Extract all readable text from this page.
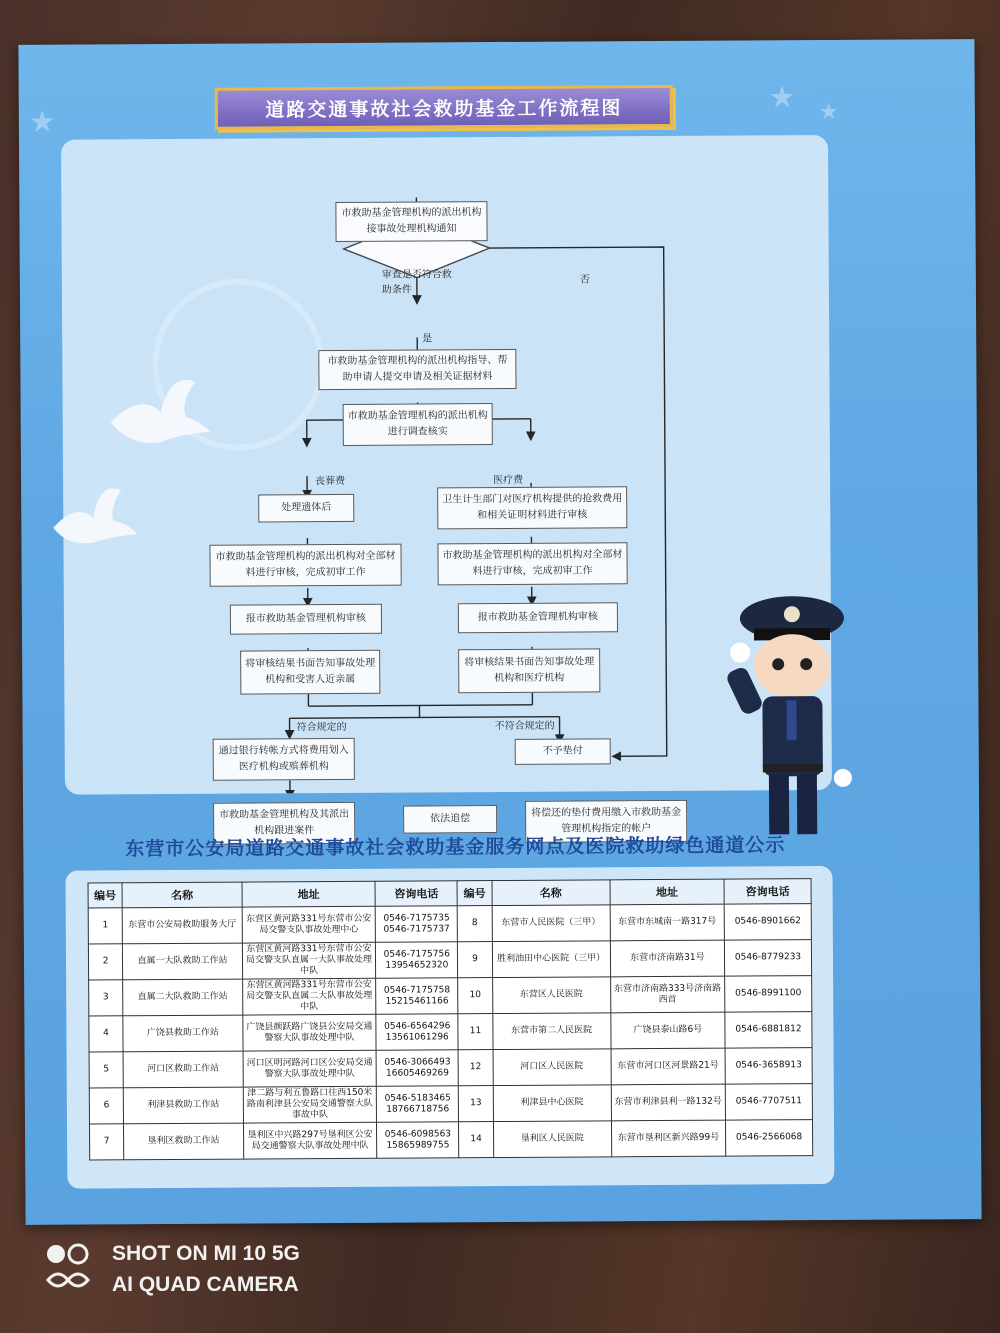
★
★ ★
道路交通事故社会救助基金工作流程图
市救助基金管理机构的派出机构接事故处理机构通知
审查是否符合救助条件
否
是
市救助基金管理机构的派出机构指导、帮助申请人提交申请及相关证据材料
市救助基金管理机构的派出机构进行调查核实
丧葬费	医疗费
处理遗体后
卫生计生部门对医疗机构提供的抢救费用和相关证明材料进行审核
市救助基金管理机构的派出机构对全部材料进行审核，完成初审工作
市救助基金管理机构的派出机构对全部材料进行审核，完成初审工作
报市救助基金管理机构审核	报市救助基金管理机构审核
将审核结果书面告知事故处理机构和受害人近亲属
将审核结果书面告知事故处理机构和医疗机构
符合规定的	不符合规定的
通过银行转帐方式将费用划入医疗机构或殡葬机构
不予垫付
市救助基金管理机构及其派出机构跟进案件
依法追偿	将偿还的垫付费用缴入市救助基金管理机构指定的帐户
东营市公安局道路交通事故社会救助基金服务网点及医院救助绿色通道公示
编号	名称	地址	咨询电话	编号	名称	地址	咨询电话
1	东营市公安局救助服务大厅	东营区黄河路331号东营市公安局交警支队事故处理中心	0546-7175735 0546-7175737	8	东营市人民医院（三甲）	东营市东城南一路317号	0546-8901662
2	直属一大队救助工作站	东营区黄河路331号东营市公安局交警支队直属一大队事故处理中队	0546-7175756 13954652320	9	胜利油田中心医院（三甲）	东营市济南路31号	0546-8779233
3	直属二大队救助工作站	东营区黄河路331号东营市公安局交警支队直属二大队事故处理中队	0546-7175758 15215461166	10	东营区人民医院	东营市济南路333号济南路西首	0546-8991100
4	广饶县救助工作站	广饶县颜跃路广饶县公安局交通警察大队事故处理中队	0546-6564296 13561061296	11	东营市第二人民医院	广饶县泰山路6号	0546-6881812
5	河口区救助工作站	河口区明河路河口区公安局交通警察大队事故处理中队	0546-3066493 16605469269	12	河口区人民医院	东营市河口区河景路21号	0546-3658913
6	利津县救助工作站	津二路与利五鲁路口往西150米路南利津县公安局交通警察大队事故中队	0546-5183465 18766718756	13	利津县中心医院	东营市利津县利一路132号	0546-7707511
7	垦利区救助工作站	垦利区中兴路297号垦利区公安局交通警察大队事故处理中队	0546-6098563 15865989755	14	垦利区人民医院	东营市垦利区新兴路99号	0546-2566068
SHOT ON MI 10 5G
AI QUAD CAMERA
